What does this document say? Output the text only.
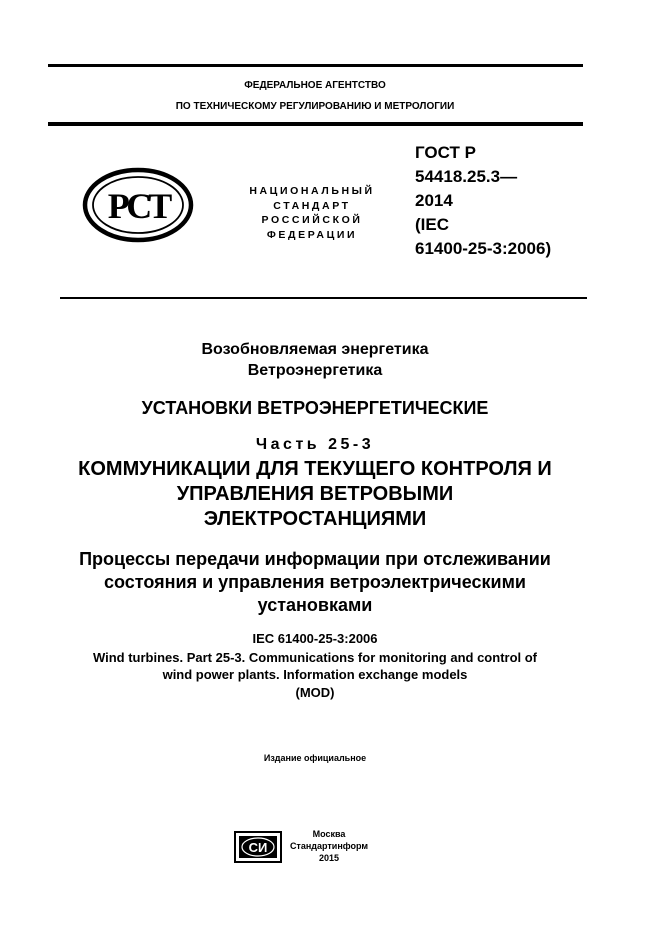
ФЕДЕРАЛЬНОЕ АГЕНТСТВО
ПО ТЕХНИЧЕСКОМУ РЕГУЛИРОВАНИЮ И МЕТРОЛОГИИ
РСТ	НАЦИОНАЛЬНЫЙ
СТАНДАРТ
РОССИЙСКОЙ
ФЕДЕРАЦИИ
ГОСТ Р
54418.25.3—
2014
(IEC
61400-25-3:2006)
Возобновляемая энергетика
Ветроэнергетика
УСТАНОВКИ ВЕТРОЭНЕРГЕТИЧЕСКИЕ
Часть 25-3
КОММУНИКАЦИИ ДЛЯ ТЕКУЩЕГО КОНТРОЛЯ И
УПРАВЛЕНИЯ ВЕТРОВЫМИ
ЭЛЕКТРОСТАНЦИЯМИ
Процессы передачи информации при отслеживании
состояния и управления ветроэлектрическими
установками
IEC 61400-25-3:2006
Wind turbines. Part 25-3. Communications for monitoring and control of
wind power plants. Information exchange models
(MOD)
Издание официальное
СИ
Москва
Стандартинформ
2015
